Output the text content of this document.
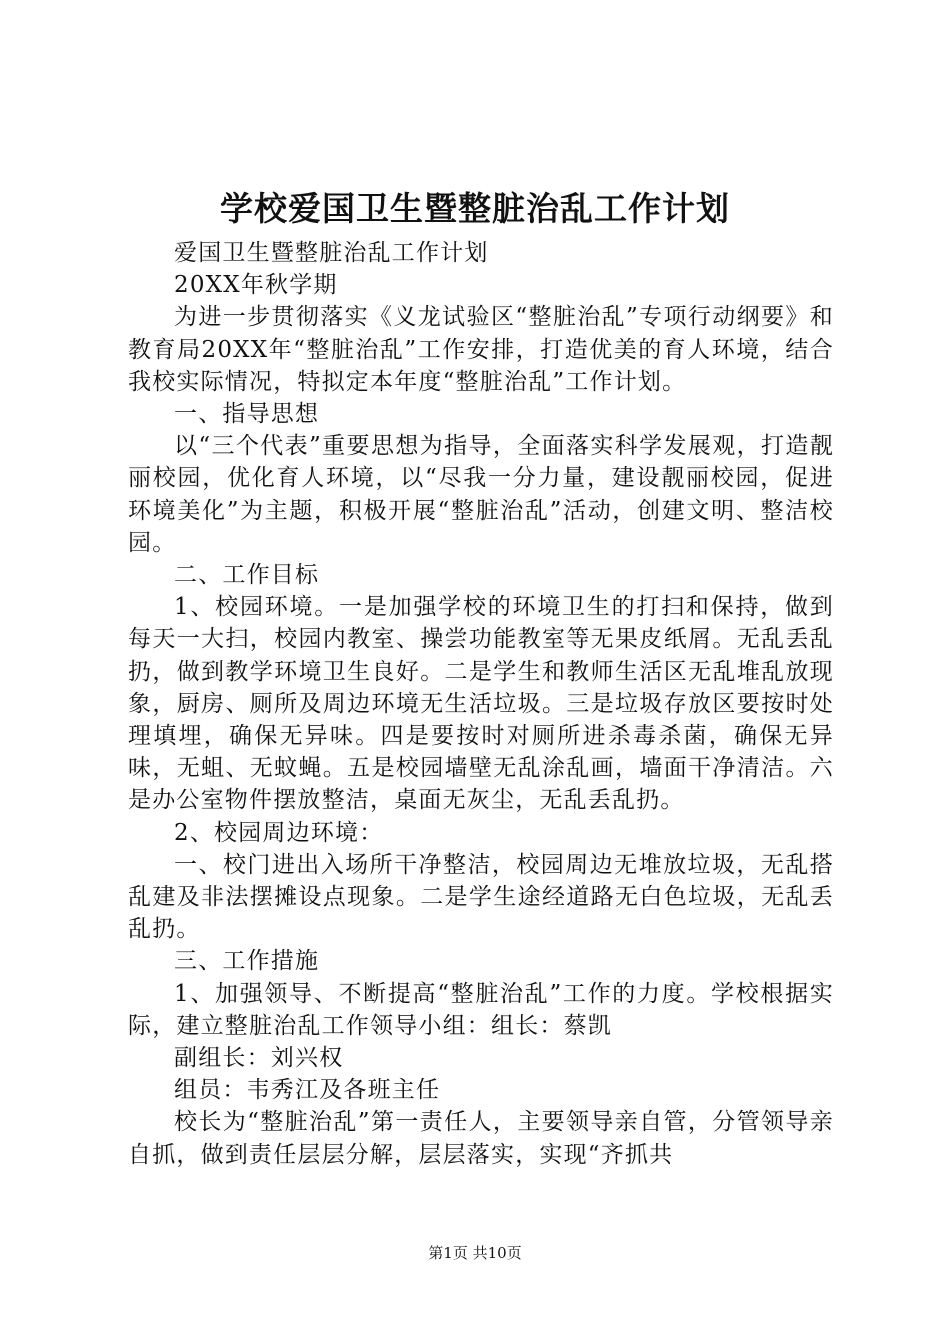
学校爱国卫生暨整脏治乱工作计划

爱国卫生暨整脏治乱工作计划

20XX年秋学期

为进一步贯彻落实《义龙试验区“整脏治乱”专项行动纲要》和教育局20XX年“整脏治乱”工作安排，打造优美的育人环境，结合我校实际情况，特拟定本年度“整脏治乱”工作计划。

一、指导思想

以“三个代表”重要思想为指导，全面落实科学发展观，打造靓丽校园，优化育人环境，以“尽我一分力量，建设靓丽校园，促进环境美化”为主题，积极开展“整脏治乱”活动，创建文明、整洁校园。

二、工作目标

1、校园环境。一是加强学校的环境卫生的打扫和保持，做到每天一大扫，校园内教室、操尝功能教室等无果皮纸屑。无乱丢乱扔，做到教学环境卫生良好。二是学生和教师生活区无乱堆乱放现象，厨房、厕所及周边环境无生活垃圾。三是垃圾存放区要按时处理填埋，确保无异味。四是要按时对厕所进杀毒杀菌，确保无异味，无蛆、无蚊蝇。五是校园墙壁无乱涂乱画，墙面干净清洁。六是办公室物件摆放整洁，桌面无灰尘，无乱丢乱扔。

2、校园周边环境：

一、校门进出入场所干净整洁，校园周边无堆放垃圾，无乱搭乱建及非法摆摊设点现象。二是学生途经道路无白色垃圾，无乱丢乱扔。

三、工作措施

1、加强领导、不断提高“整脏治乱”工作的力度。学校根据实际，建立整脏治乱工作领导小组：组长：蔡凯

副组长：刘兴权

组员：韦秀江及各班主任

校长为“整脏治乱”第一责任人，主要领导亲自管，分管领导亲自抓，做到责任层层分解，层层落实，实现“齐抓共

第1页 共10页
